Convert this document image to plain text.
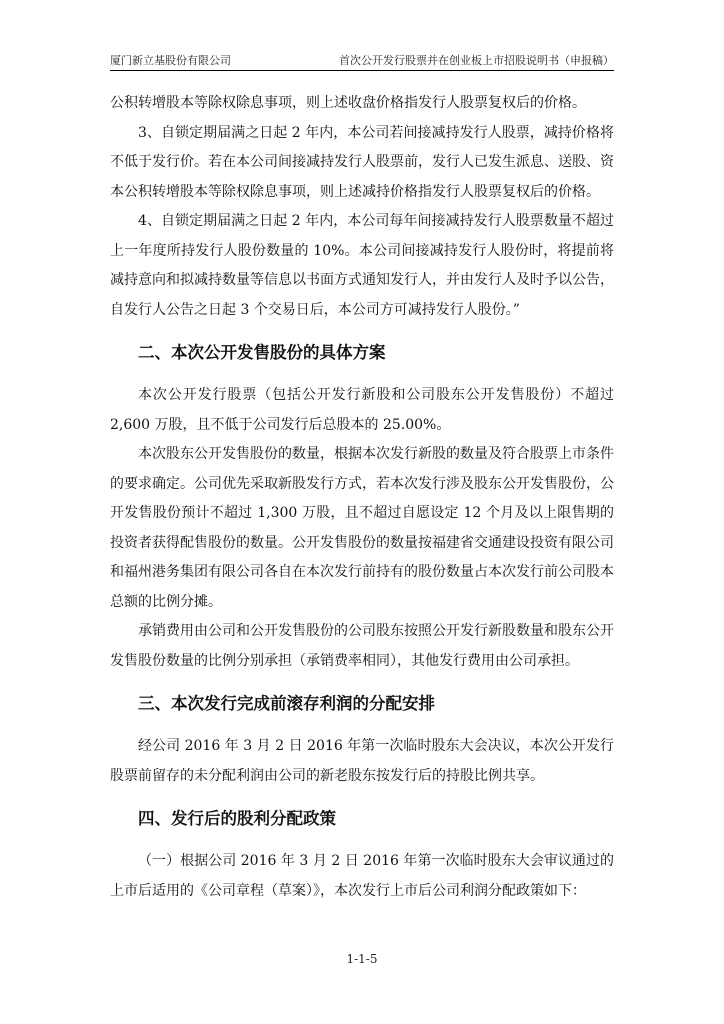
厦门新立基股份有限公司	首次公开发行股票并在创业板上市招股说明书（申报稿）

公积转增股本等除权除息事项，则上述收盘价格指发行人股票复权后的价格。

3、自锁定期届满之日起 2 年内，本公司若间接减持发行人股票，减持价格将不低于发行价。若在本公司间接减持发行人股票前，发行人已发生派息、送股、资本公积转增股本等除权除息事项，则上述减持价格指发行人股票复权后的价格。

4、自锁定期届满之日起 2 年内，本公司每年间接减持发行人股票数量不超过上一年度所持发行人股份数量的 10%。本公司间接减持发行人股份时，将提前将减持意向和拟减持数量等信息以书面方式通知发行人，并由发行人及时予以公告，自发行人公告之日起 3 个交易日后，本公司方可减持发行人股份。”

二、本次公开发售股份的具体方案

本次公开发行股票（包括公开发行新股和公司股东公开发售股份）不超过 2,600 万股，且不低于公司发行后总股本的 25.00%。

本次股东公开发售股份的数量，根据本次发行新股的数量及符合股票上市条件的要求确定。公司优先采取新股发行方式，若本次发行涉及股东公开发售股份，公开发售股份预计不超过 1,300 万股，且不超过自愿设定 12 个月及以上限售期的投资者获得配售股份的数量。公开发售股份的数量按福建省交通建设投资有限公司和福州港务集团有限公司各自在本次发行前持有的股份数量占本次发行前公司股本总额的比例分摊。

承销费用由公司和公开发售股份的公司股东按照公开发行新股数量和股东公开发售股份数量的比例分别承担（承销费率相同），其他发行费用由公司承担。

三、本次发行完成前滚存利润的分配安排

经公司 2016 年 3 月 2 日 2016 年第一次临时股东大会决议，本次公开发行股票前留存的未分配利润由公司的新老股东按发行后的持股比例共享。

四、发行后的股利分配政策

（一）根据公司 2016 年 3 月 2 日 2016 年第一次临时股东大会审议通过的上市后适用的《公司章程（草案）》，本次发行上市后公司利润分配政策如下：

1-1-5
